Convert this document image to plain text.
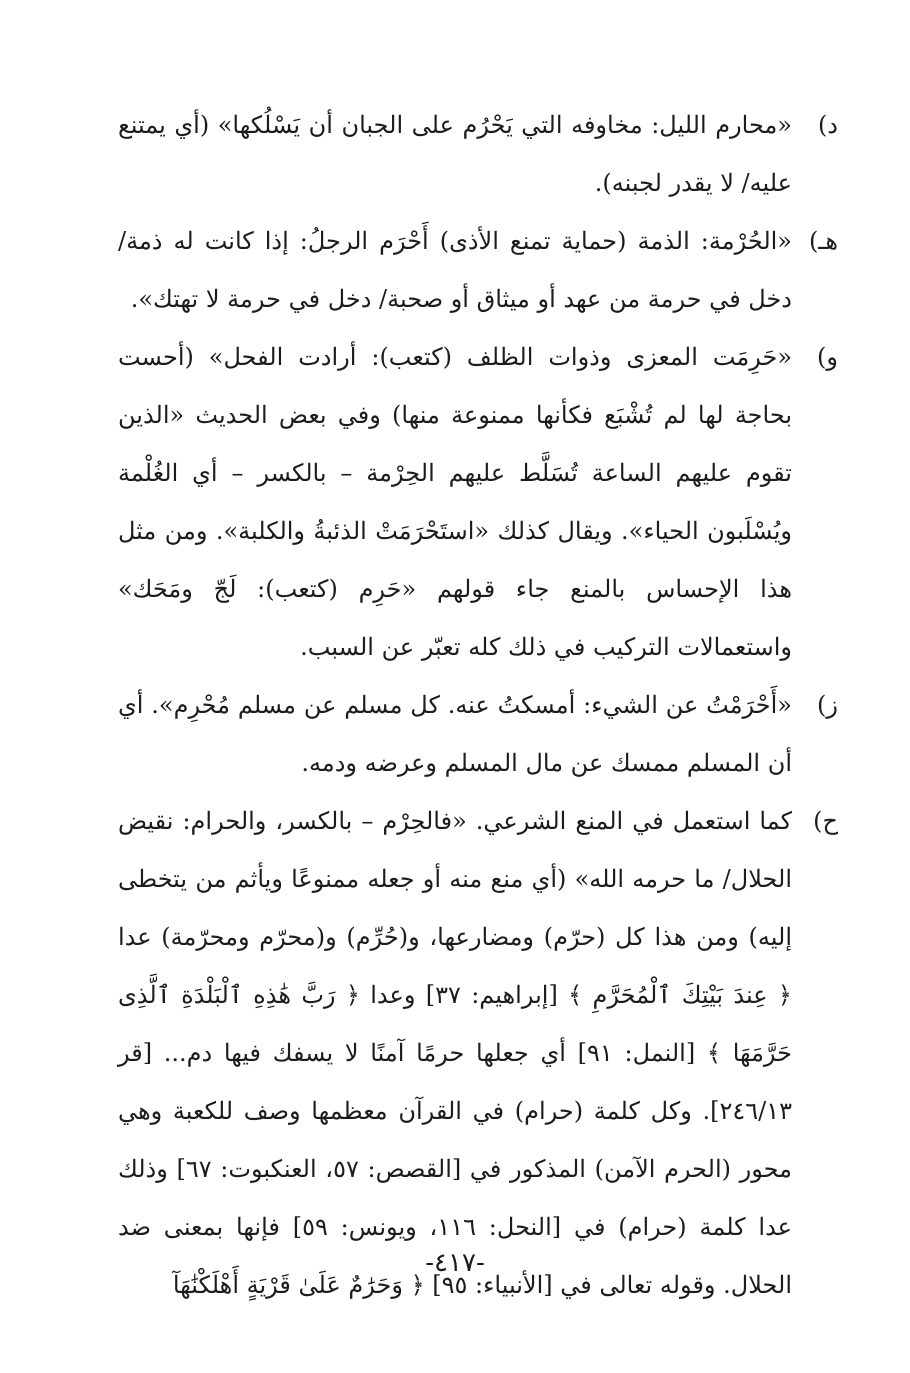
د)
«محارم الليل: مخاوفه التي يَحْرُم على الجبان أن يَسْلُكها» (أي يمتنع عليه/ لا يقدر لجبنه).
هـ)
«الحُرْمة: الذمة (حماية تمنع الأذى) أَحْرَم الرجلُ: إذا كانت له ذمة/ دخل في حرمة من عهد أو ميثاق أو صحبة/ دخل في حرمة لا تهتك».
و)
«حَرِمَت المعزى وذوات الظلف (كتعب): أرادت الفحل» (أحست بحاجة لها لم تُشْبَع فكأنها ممنوعة منها) وفي بعض الحديث «الذين تقوم عليهم الساعة تُسَلَّط عليهم الحِرْمة – بالكسر – أي الغُلْمة ويُسْلَبون الحياء». ويقال كذلك «استَحْرَمَتْ الذئبةُ والكلبة». ومن مثل هذا الإحساس بالمنع جاء قولهم «حَرِم (كتعب): لَجّ ومَحَك» واستعمالات التركيب في ذلك كله تعبّر عن السبب.
ز)
«أَحْرَمْتُ عن الشيء: أمسكتُ عنه. كل مسلم عن مسلم مُحْرِم». أي أن المسلم ممسك عن مال المسلم وعرضه ودمه.
ح)
كما استعمل في المنع الشرعي. «فالحِرْم – بالكسر، والحرام: نقيض الحلال/ ما حرمه الله» (أي منع منه أو جعله ممنوعًا ويأثم من يتخطى إليه) ومن هذا كل (حرّم) ومضارعها، و(حُرِّم) و(محرّم ومحرّمة) عدا ﴿ عِندَ بَيْتِكَ ٱلْمُحَرَّمِ ﴾ [إبراهيم: ٣٧] وعدا ﴿ رَبَّ هَٰذِهِ ٱلْبَلْدَةِ ٱلَّذِى حَرَّمَهَا ﴾ [النمل: ٩١] أي جعلها حرمًا آمنًا لا يسفك فيها دم... [قر ٢٤٦/١٣]. وكل كلمة (حرام) في القرآن معظمها وصف للكعبة وهي محور (الحرم الآمن) المذكور في [القصص: ٥٧، العنكبوت: ٦٧] وذلك عدا كلمة (حرام) في [النحل: ١١٦، ويونس: ٥٩] فإنها بمعنى ضد الحلال. وقوله تعالى في [الأنبياء: ٩٥] ﴿ وَحَرَٰمٌ عَلَىٰ قَرْيَةٍ أَهْلَكْنَٰهَآ
-٤١٧-
